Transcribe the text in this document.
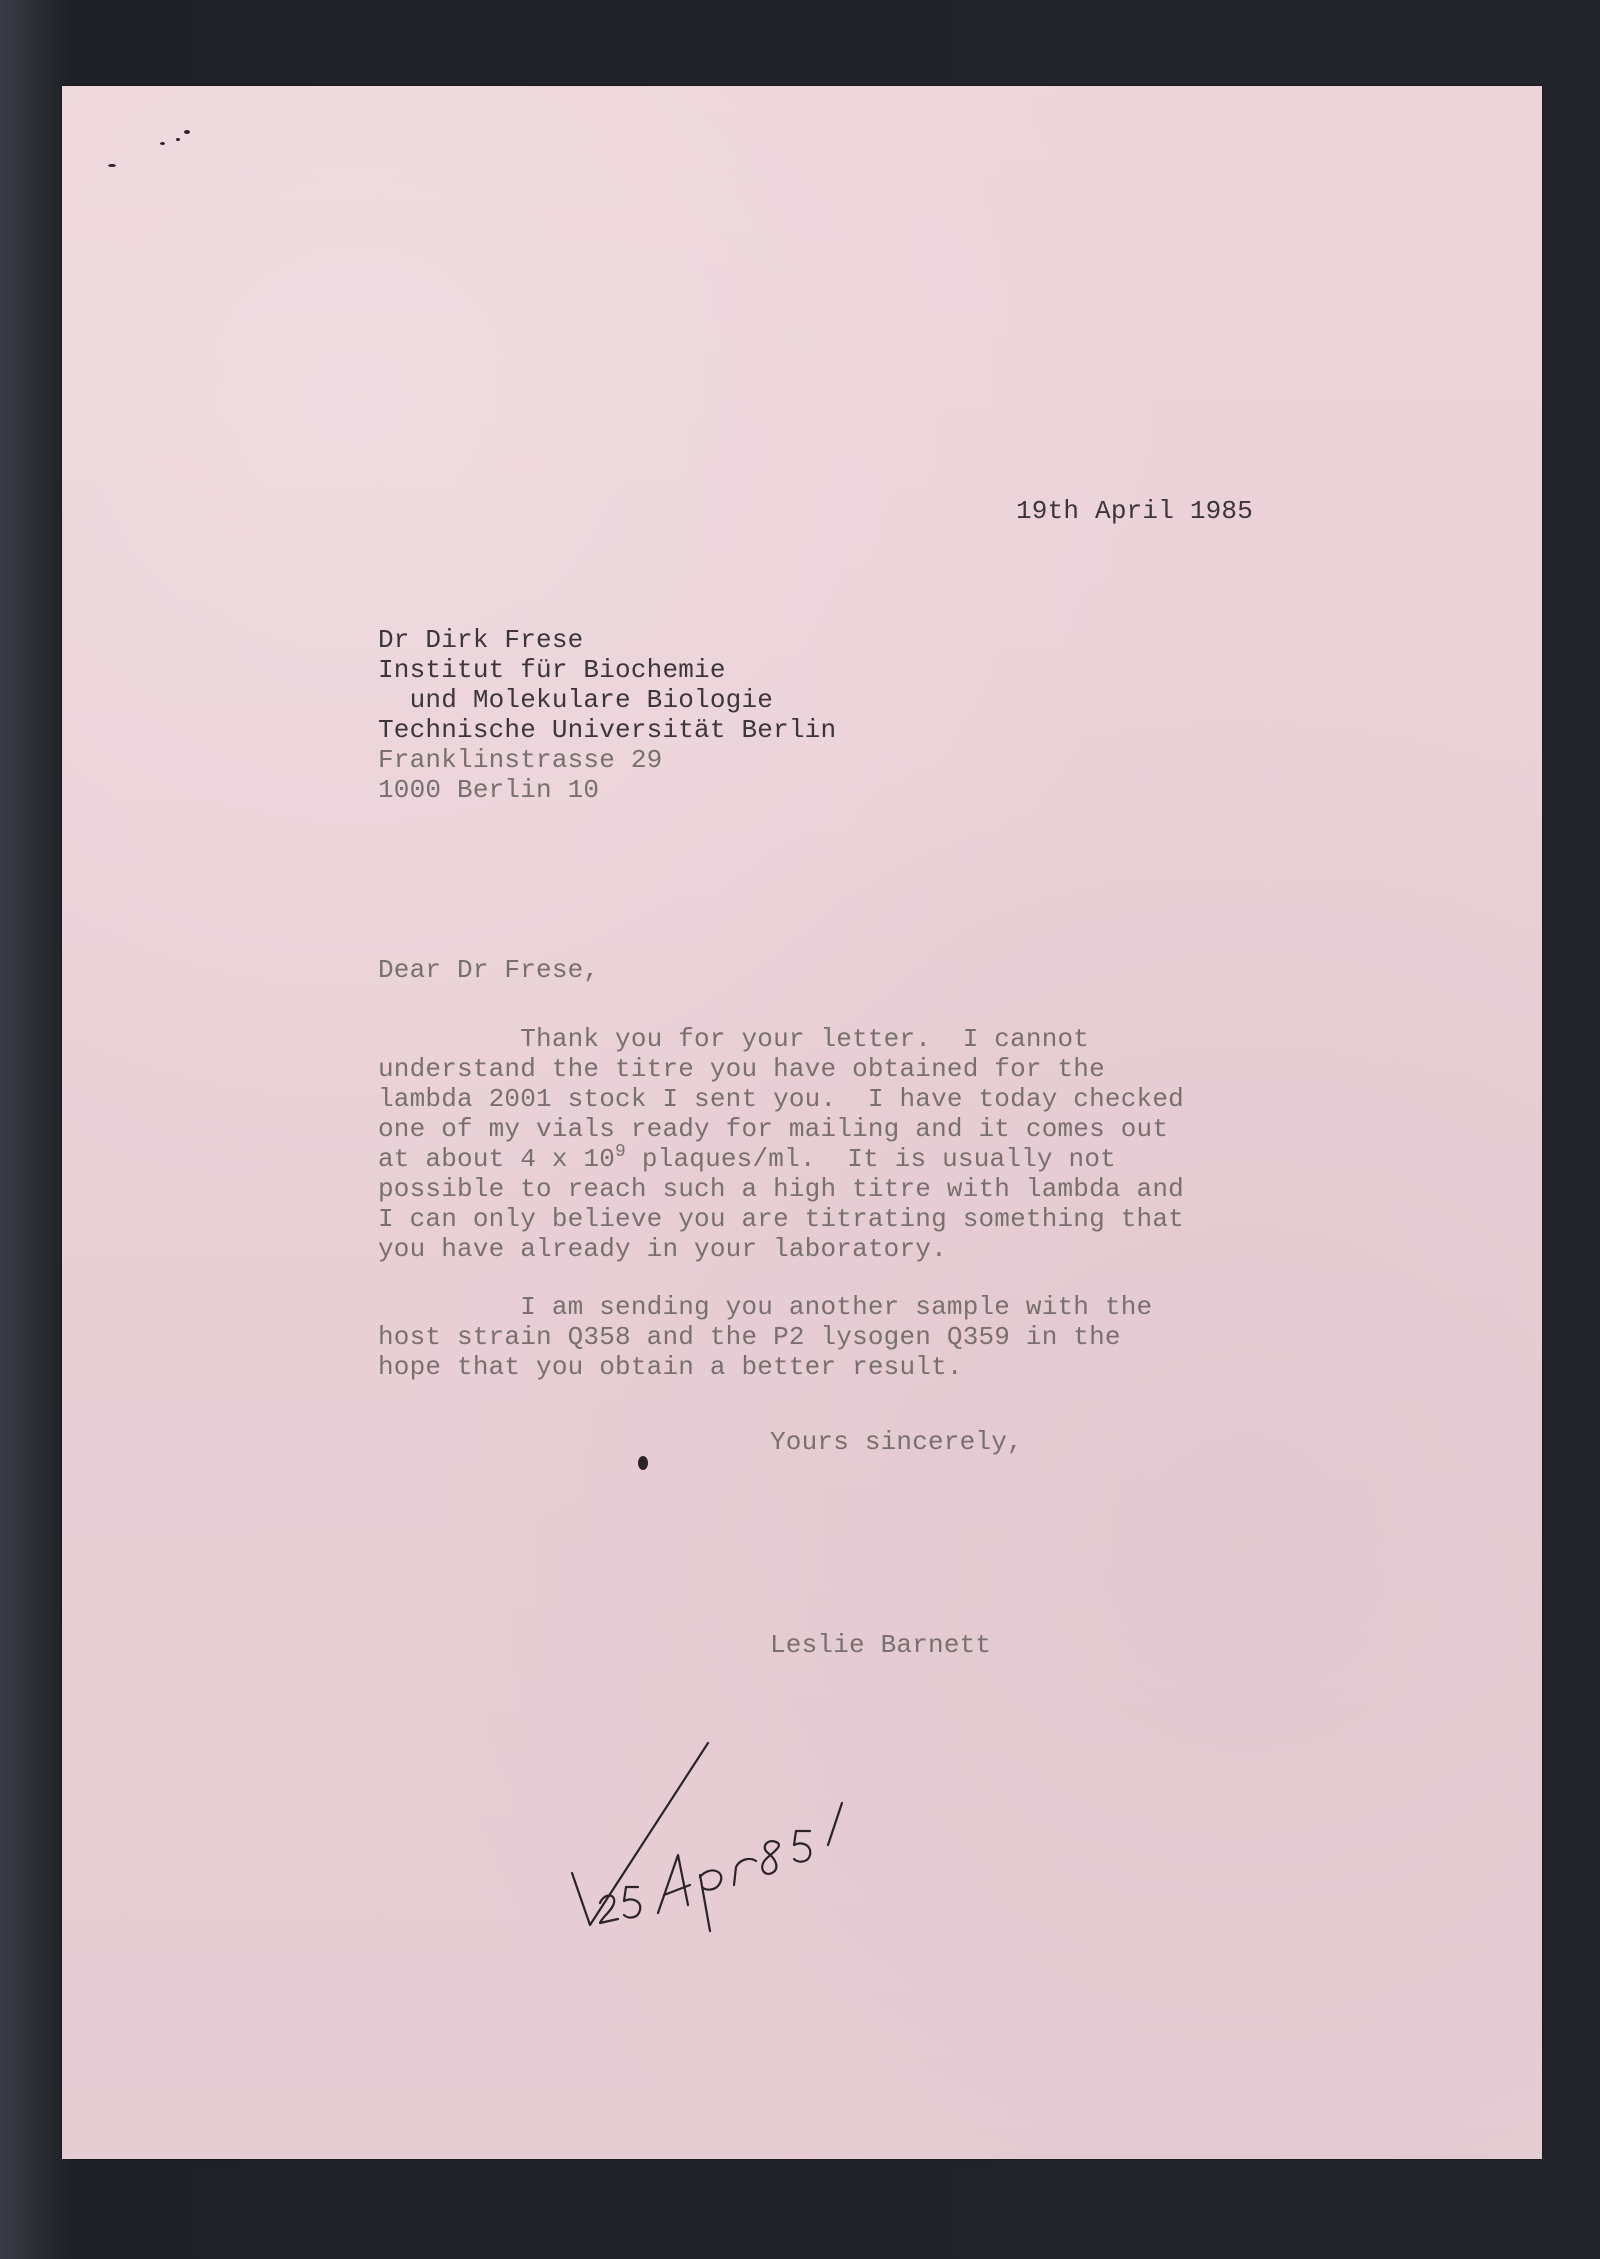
19th April 1985
Dr Dirk Frese
Institut für Biochemie
und Molekulare Biologie
Technische Universität Berlin
Franklinstrasse 29
1000 Berlin 10
Dear Dr Frese,
Thank you for your letter.  I cannot
understand the titre you have obtained for the
lambda 2001 stock I sent you.  I have today checked
one of my vials ready for mailing and it comes out
at about 4 x $10^9$ plaques/ml.  It is usually not
possible to reach such a high titre with lambda and
I can only believe you are titrating something that
you have already in your laboratory.
I am sending you another sample with the
host strain Q358 and the P2 lysogen Q359 in the
hope that you obtain a better result.
Yours sincerely,
Leslie Barnett
